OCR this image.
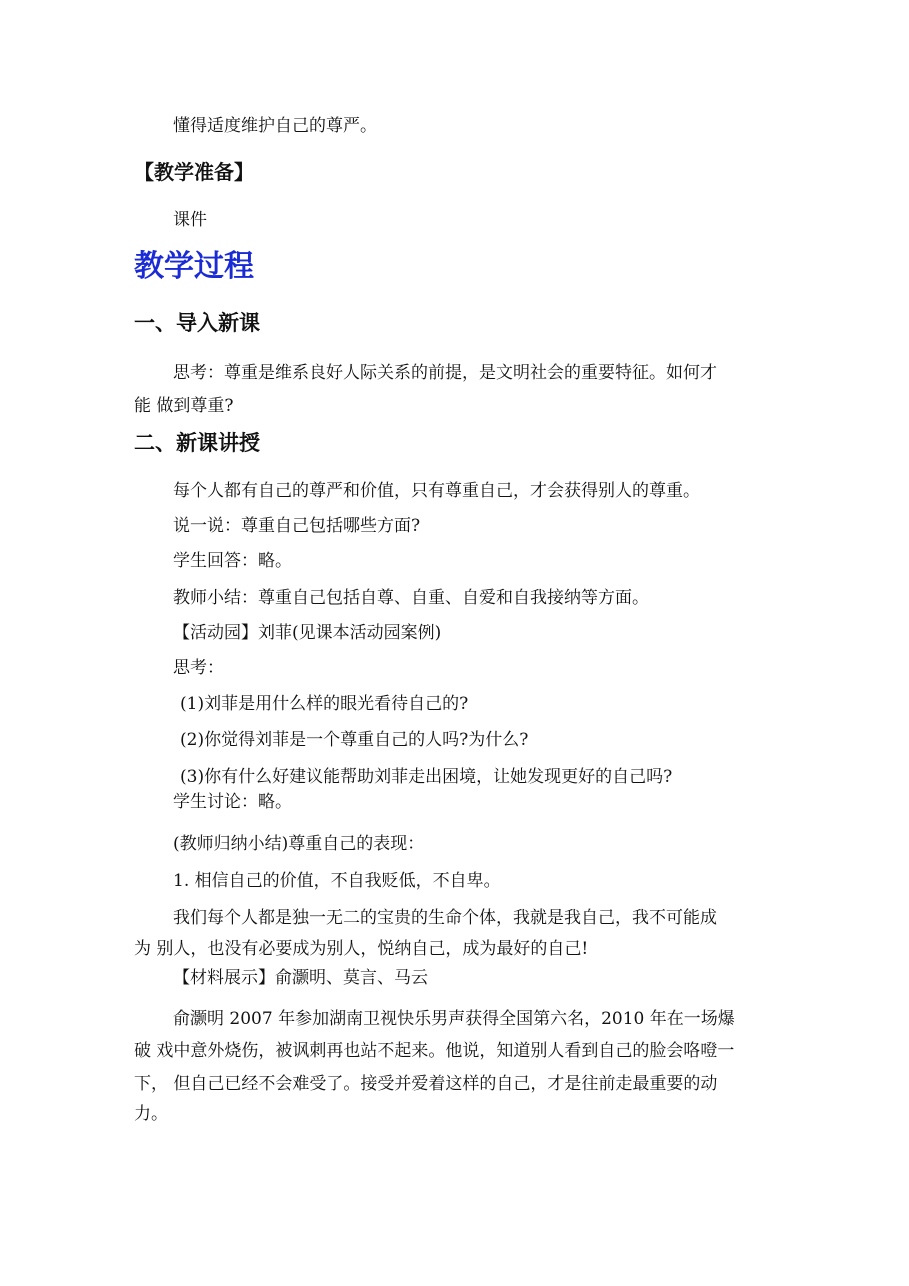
懂得适度维护自己的尊严。
【教学准备】
课件
教学过程
一、导入新课
思考：尊重是维系良好人际关系的前提，是文明社会的重要特征。如何才
能 做到尊重?
二、新课讲授
每个人都有自己的尊严和价值，只有尊重自己，才会获得别人的尊重。
说一说：尊重自己包括哪些方面?
学生回答：略。
教师小结：尊重自己包括自尊、自重、自爱和自我接纳等方面。
【活动园】刘菲(见课本活动园案例)
思考：
(1)刘菲是用什么样的眼光看待自己的?
(2)你觉得刘菲是一个尊重自己的人吗?为什么?
(3)你有什么好建议能帮助刘菲走出困境，让她发现更好的自己吗?
学生讨论：略。
(教师归纳小结)尊重自己的表现：
1. 相信自己的价值，不自我贬低，不自卑。
我们每个人都是独一无二的宝贵的生命个体，我就是我自己，我不可能成
为 别人，也没有必要成为别人，悦纳自己，成为最好的自己!
【材料展示】俞灏明、莫言、马云
俞灏明 2007 年参加湖南卫视快乐男声获得全国第六名，2010 年在一场爆
破 戏中意外烧伤，被讽刺再也站不起来。他说，知道别人看到自己的脸会咯噔一
下， 但自己已经不会难受了。接受并爱着这样的自己，才是往前走最重要的动
力。
